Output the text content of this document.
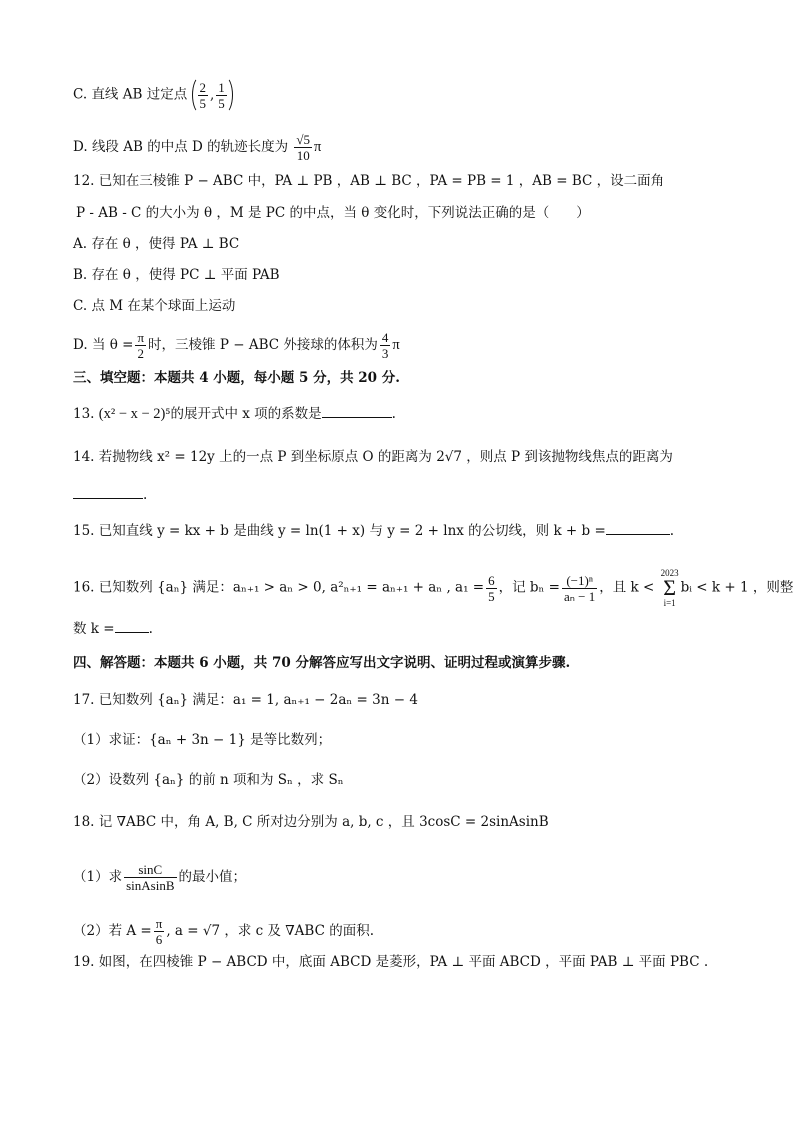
C. 直线 AB 过定点 $\frac{2}{5}$ , $\frac{1}{5}$
D. 线段 AB 的中点 D 的轨迹长度为 $\frac{√5}{10}$ π
12. 已知在三棱锥 P − ABC 中，PA ⊥ PB ，AB ⊥ BC ，PA = PB = 1 ，AB = BC ，设二面角
P - AB - C 的大小为 θ ，M 是 PC 的中点，当 θ 变化时，下列说法正确的是（　　）
A. 存在 θ ，使得 PA ⊥ BC
B. 存在 θ ，使得 PC ⊥ 平面 PAB
C. 点 M 在某个球面上运动
D. 当 $\theta = \frac{\pi}{2}$ 时，三棱锥 P − ABC 外接球的体积为 $\frac{4}{3}$ π
三、填空题：本题共 4 小题，每小题 5 分，共 20 分.
13. (x² − x − 2)⁵的展开式中 x 项的系数是	.
14. 若抛物线 x² = 12y 上的一点 P 到坐标原点 O 的距离为 2√7 ，则点 P 到该抛物线焦点的距离为
.
15. 已知直线 y = kx + b 是曲线 y = ln(1 + x) 与 y = 2 + lnx 的公切线，则 k + b =	.
16. 已知数列 {aₙ} 满足：aₙ₊₁ > aₙ > 0, a²ₙ₊₁ = aₙ₊₁ + aₙ , $a_1 = \frac{6}{5}$ ，记 $b_n = \frac{\text{(−1)ⁿ}}{\text{aₙ − 1}}$ ，且 k <
2023
Σ
i=1
bᵢ < k + 1 ，则整
数 k =	.
四、解答题：本题共 6 小题，共 70 分解答应写出文字说明、证明过程或演算步骤.
17. 已知数列 {aₙ} 满足：a₁ = 1, aₙ₊₁ − 2aₙ = 3n − 4
（1）求证：{aₙ + 3n − 1} 是等比数列；
（2）设数列 {aₙ} 的前 n 项和为 Sₙ ，求 Sₙ
18. 记 ∇ABC 中，角 A, B, C 所对边分别为 a, b, c ，且 3cosC = 2sinAsinB
（1）求 $\frac{\sin C}{\text{sinAsinB}}$ 的最小值；
（2）若 $A = \frac{\pi}{6}$ , a = √7 ，求 c 及 ∇ABC 的面积.
19. 如图，在四棱锥 P − ABCD 中，底面 ABCD 是菱形，PA ⊥ 平面 ABCD ，平面 PAB ⊥ 平面 PBC .
